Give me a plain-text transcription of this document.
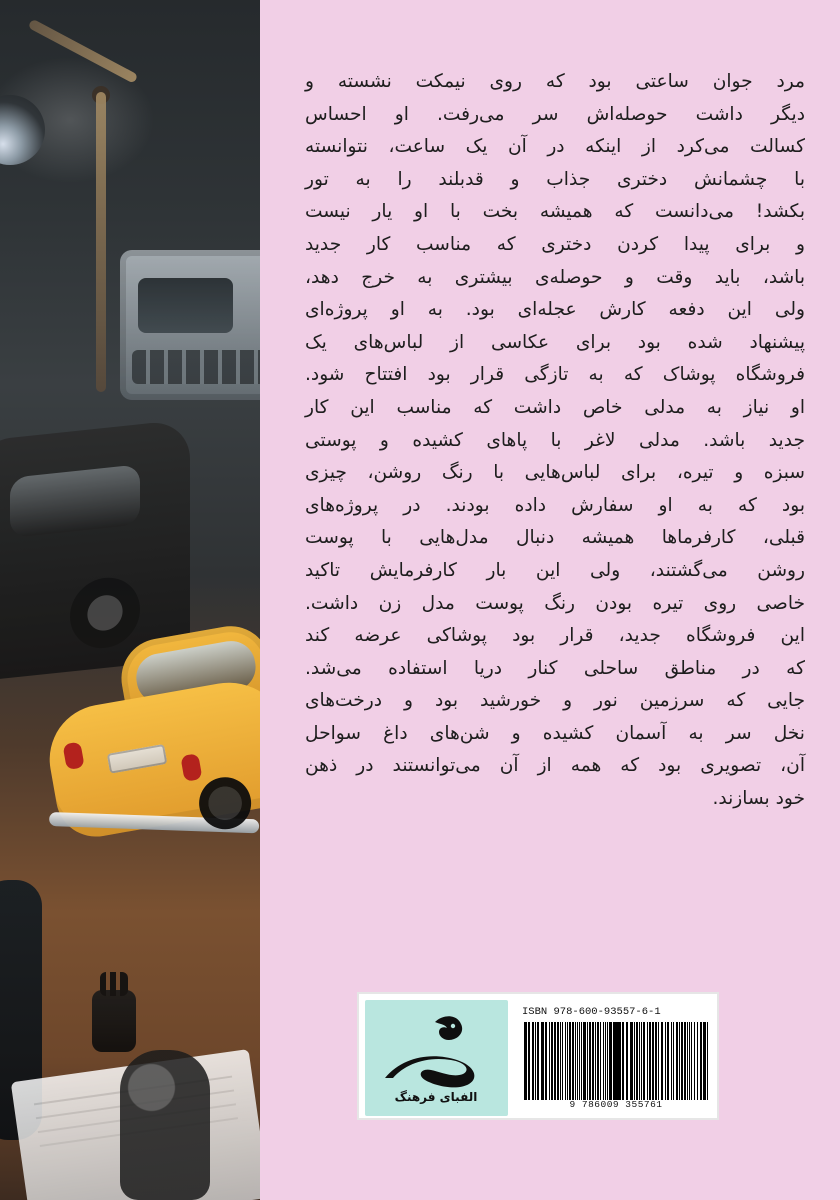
مرد جوان ساعتی بود که روی نیمکت نشسته و
دیگر داشت حوصله‌اش سر می‌رفت. او احساس
کسالت می‌کرد از اینکه در آن یک ساعت، نتوانسته
با چشمانش دختری جذاب و قدبلند را به تور
بکشد! می‌دانست که همیشه بخت با او یار نیست
و برای پیدا کردن دختری که مناسب کار جدید
باشد، باید وقت و حوصله‌ی بیشتری به خرج دهد،
ولی این دفعه کارش عجله‌ای بود. به او پروژه‌ای
پیشنهاد شده بود برای عکاسی از لباس‌های یک
فروشگاه پوشاک که به تازگی قرار بود افتتاح شود.
او نیاز به مدلی خاص داشت که مناسب این کار
جدید باشد. مدلی لاغر با پاهای کشیده و پوستی
سبزه و تیره، برای لباس‌هایی با رنگ روشن، چیزی
بود که به او سفارش داده بودند. در پروژه‌های
قبلی، کارفرماها همیشه دنبال مدل‌هایی با پوست
روشن می‌گشتند، ولی این بار کارفرمایش تاکید
خاصی روی تیره بودن رنگ پوست مدل زن داشت.
این فروشگاه جدید، قرار بود پوشاکی عرضه کند
که در مناطق ساحلی کنار دریا استفاده می‌شد.
جایی که سرزمین نور و خورشید بود و درخت‌های
نخل سر به آسمان کشیده و شن‌های داغ سواحل
آن، تصویری بود که همه از آن می‌توانستند در ذهن
خود بسازند.
الفبای فرهنگ
ISBN 978-600-93557-6-1
9 786009 355761
